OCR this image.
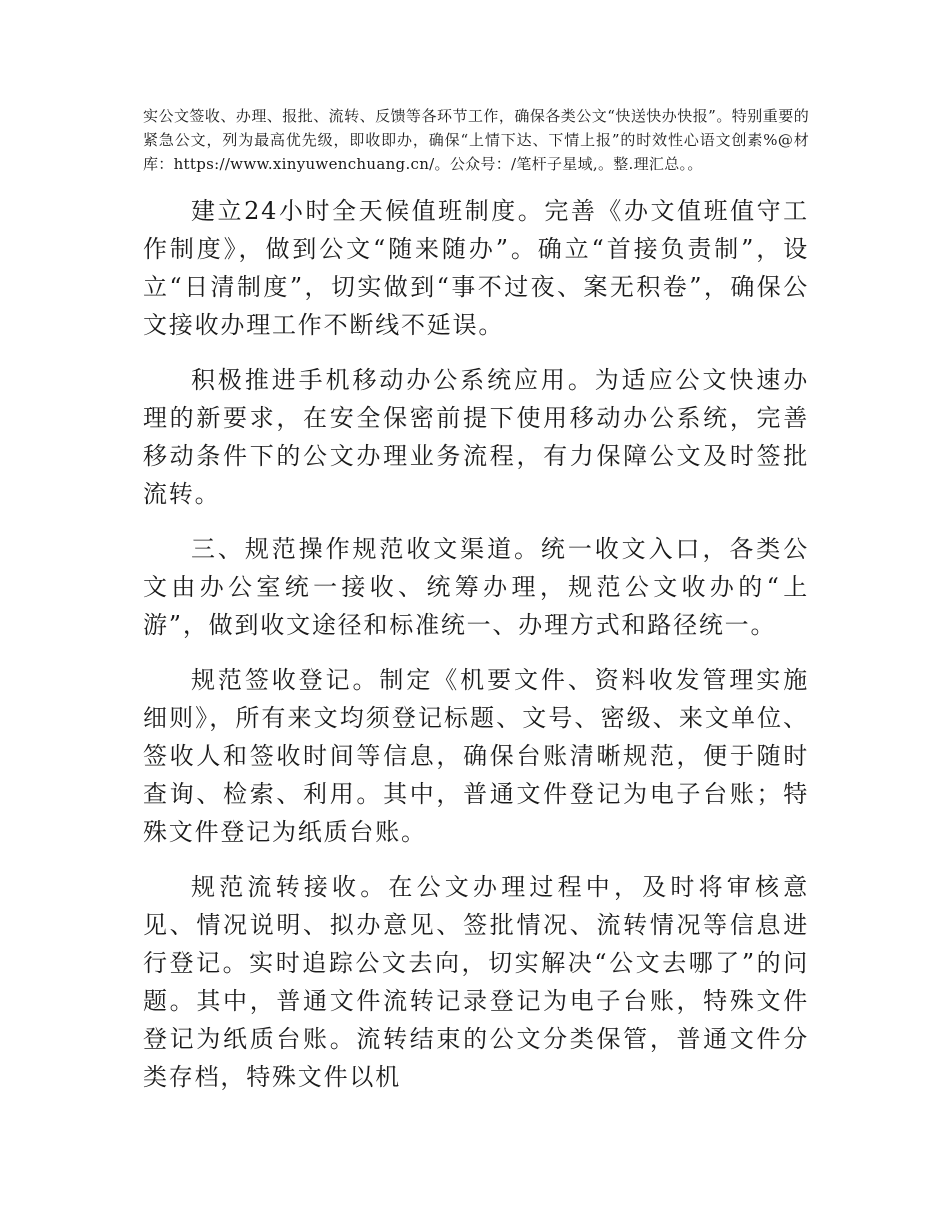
实公文签收、办理、报批、流转、反馈等各环节工作，确保各类公文“快送快办快报”。特别重要的紧急公文，列为最高优先级，即收即办，确保“上情下达、下情上报”的时效性心语文创素%@材库：https://www.xinyuwenchuang.cn/。公众号：/笔杆子星域,。整.理汇总。。

建立24小时全天候值班制度。完善《办文值班值守工作制度》，做到公文“随来随办”。确立“首接负责制”，设立“日清制度”，切实做到“事不过夜、案无积卷”，确保公文接收办理工作不断线不延误。

积极推进手机移动办公系统应用。为适应公文快速办理的新要求，在安全保密前提下使用移动办公系统，完善移动条件下的公文办理业务流程，有力保障公文及时签批流转。

三、规范操作规范收文渠道。统一收文入口，各类公文由办公室统一接收、统筹办理，规范公文收办的“上游”，做到收文途径和标准统一、办理方式和路径统一。

规范签收登记。制定《机要文件、资料收发管理实施细则》，所有来文均须登记标题、文号、密级、来文单位、签收人和签收时间等信息，确保台账清晰规范，便于随时查询、检索、利用。其中，普通文件登记为电子台账；特殊文件登记为纸质台账。

规范流转接收。在公文办理过程中，及时将审核意见、情况说明、拟办意见、签批情况、流转情况等信息进行登记。实时追踪公文去向，切实解决“公文去哪了”的问题。其中，普通文件流转记录登记为电子台账，特殊文件登记为纸质台账。流转结束的公文分类保管，普通文件分类存档，特殊文件以机
